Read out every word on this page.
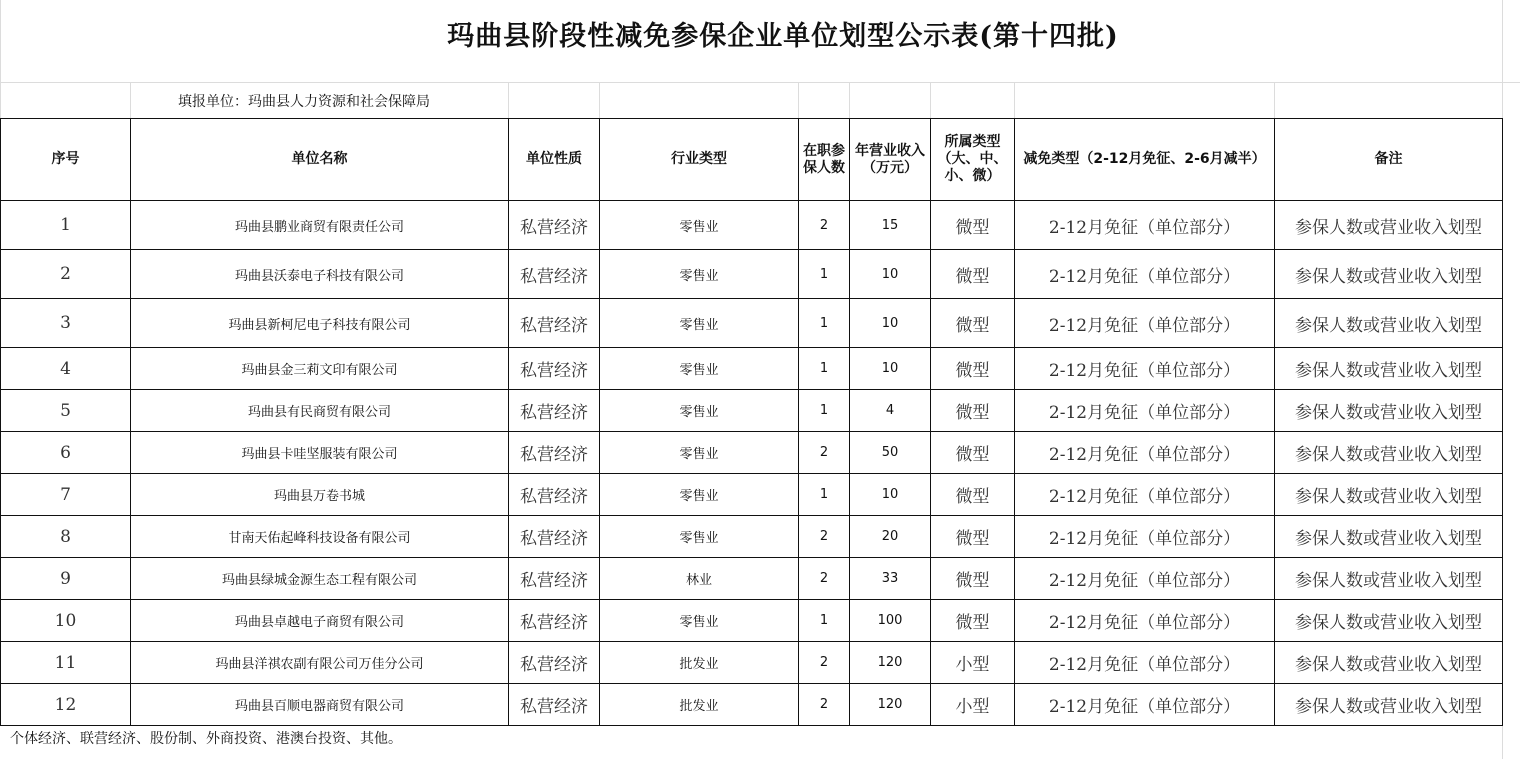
玛曲县阶段性减免参保企业单位划型公示表(第十四批)
填报单位：玛曲县人力资源和社会保障局
序号	单位名称	单位性质	行业类型	在职参保人数	年营业收入（万元）	所属类型（大、中、小、微）	减免类型（2-12月免征、2-6月减半）	备注
1	玛曲县鹏业商贸有限责任公司	私营经济	零售业	2	15	微型	2-12月免征（单位部分）	参保人数或营业收入划型
2	玛曲县沃泰电子科技有限公司	私营经济	零售业	1	10	微型	2-12月免征（单位部分）	参保人数或营业收入划型
3	玛曲县新柯尼电子科技有限公司	私营经济	零售业	1	10	微型	2-12月免征（单位部分）	参保人数或营业收入划型
4	玛曲县金三莉文印有限公司	私营经济	零售业	1	10	微型	2-12月免征（单位部分）	参保人数或营业收入划型
5	玛曲县有民商贸有限公司	私营经济	零售业	1	4	微型	2-12月免征（单位部分）	参保人数或营业收入划型
6	玛曲县卡哇坚服装有限公司	私营经济	零售业	2	50	微型	2-12月免征（单位部分）	参保人数或营业收入划型
7	玛曲县万卷书城	私营经济	零售业	1	10	微型	2-12月免征（单位部分）	参保人数或营业收入划型
8	甘南天佑起峰科技设备有限公司	私营经济	零售业	2	20	微型	2-12月免征（单位部分）	参保人数或营业收入划型
9	玛曲县绿城金源生态工程有限公司	私营经济	林业	2	33	微型	2-12月免征（单位部分）	参保人数或营业收入划型
10	玛曲县卓越电子商贸有限公司	私营经济	零售业	1	100	微型	2-12月免征（单位部分）	参保人数或营业收入划型
11	玛曲县洋祺农副有限公司万佳分公司	私营经济	批发业	2	120	小型	2-12月免征（单位部分）	参保人数或营业收入划型
12	玛曲县百顺电器商贸有限公司	私营经济	批发业	2	120	小型	2-12月免征（单位部分）	参保人数或营业收入划型
个体经济、联营经济、股份制、外商投资、港澳台投资、其他。
